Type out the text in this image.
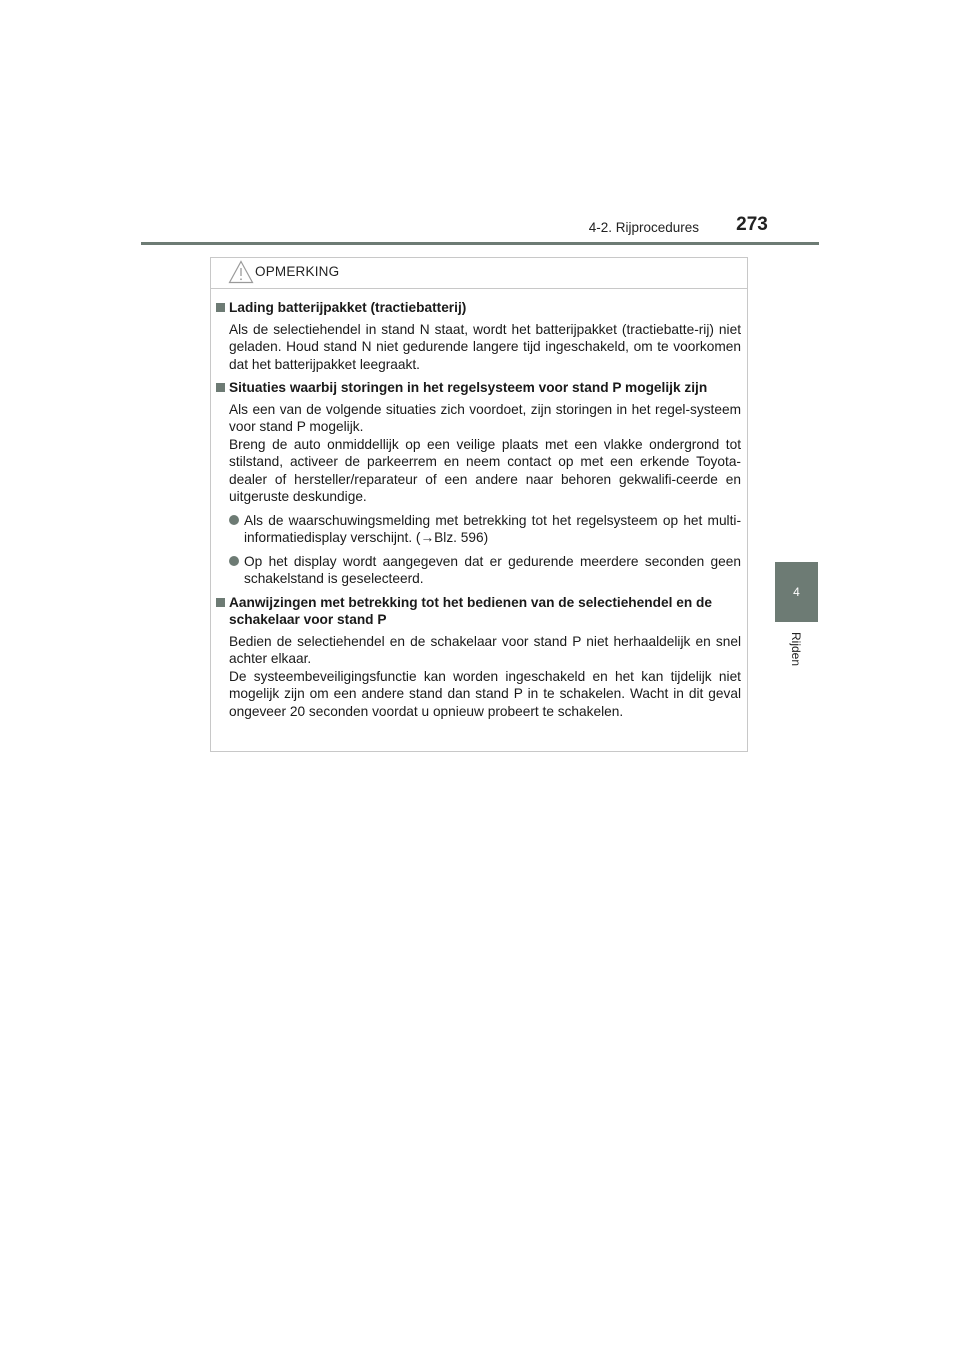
4-2. Rijprocedures	273
4
Rijden
OPMERKING
Lading batterijpakket (tractiebatterij)
Als de selectiehendel in stand N staat, wordt het batterijpakket (tractiebatte-rij) niet geladen. Houd stand N niet gedurende langere tijd ingeschakeld, om te voorkomen dat het batterijpakket leegraakt.
Situaties waarbij storingen in het regelsysteem voor stand P mogelijk zijn
Als een van de volgende situaties zich voordoet, zijn storingen in het regel-systeem voor stand P mogelijk.
Breng de auto onmiddellijk op een veilige plaats met een vlakke ondergrond tot stilstand, activeer de parkeerrem en neem contact op met een erkende Toyota-dealer of hersteller/reparateur of een andere naar behoren gekwalifi-ceerde en uitgeruste deskundige.
Als de waarschuwingsmelding met betrekking tot het regelsysteem op het multi-informatiedisplay verschijnt. (→Blz. 596)
Op het display wordt aangegeven dat er gedurende meerdere seconden geen schakelstand is geselecteerd.
Aanwijzingen met betrekking tot het bedienen van de selectiehendel en de schakelaar voor stand P
Bedien de selectiehendel en de schakelaar voor stand P niet herhaaldelijk en snel achter elkaar.
De systeembeveiligingsfunctie kan worden ingeschakeld en het kan tijdelijk niet mogelijk zijn om een andere stand dan stand P in te schakelen. Wacht in dit geval ongeveer 20 seconden voordat u opnieuw probeert te schakelen.
